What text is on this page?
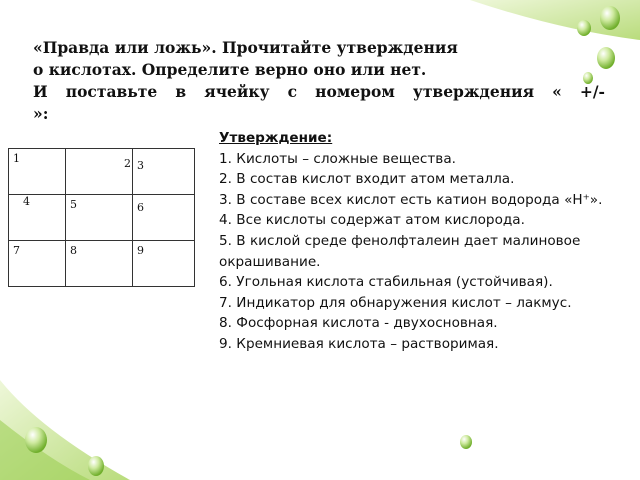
«Правда или ложь». Прочитайте утверждения
о кислотах. Определите верно оно или нет.
И поставьте в ячейку с номером утверждения « +/-
»:
1	2	3
4	5	6
7	8	9
Утверждение:
1. Кислоты – сложные вещества.
2. В состав кислот входит атом металла.
3. В составе всех кислот есть катион водорода «Н⁺».
4. Все кислоты содержат атом кислорода.
5. В кислой среде фенолфталеин дает малиновое окрашивание.
6. Угольная кислота стабильная (устойчивая).
7. Индикатор для обнаружения кислот – лакмус.
8. Фосфорная кислота - двухосновная.
9. Кремниевая кислота – растворимая.
